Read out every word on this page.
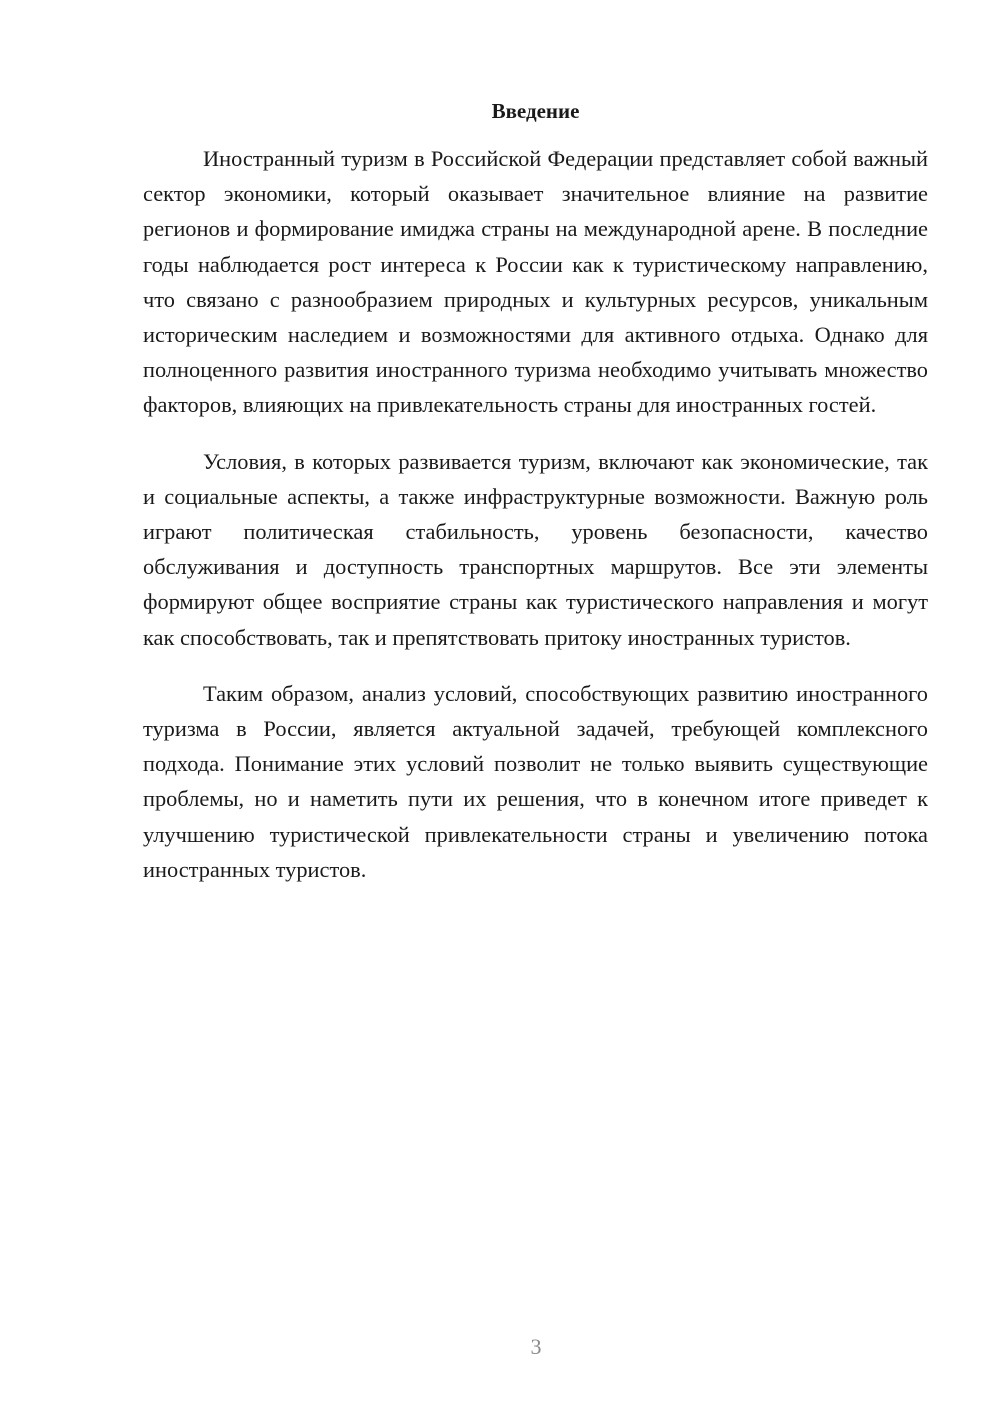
Введение

Иностранный туризм в Российской Федерации представляет собой важный сектор экономики, который оказывает значительное влияние на развитие регионов и формирование имиджа страны на международной арене. В последние годы наблюдается рост интереса к России как к туристическому направлению, что связано с разнообразием природных и культурных ресурсов, уникальным историческим наследием и возможностями для активного отдыха. Однако для полноценного развития иностранного туризма необходимо учитывать множество факторов, влияющих на привлекательность страны для иностранных гостей.

Условия, в которых развивается туризм, включают как экономические, так и социальные аспекты, а также инфраструктурные возможности. Важную роль играют политическая стабильность, уровень безопасности, качество обслуживания и доступность транспортных маршрутов. Все эти элементы формируют общее восприятие страны как туристического направления и могут как способствовать, так и препятствовать притоку иностранных туристов.

Таким образом, анализ условий, способствующих развитию иностранного туризма в России, является актуальной задачей, требующей комплексного подхода. Понимание этих условий позволит не только выявить существующие проблемы, но и наметить пути их решения, что в конечном итоге приведет к улучшению туристической привлекательности страны и увеличению потока иностранных туристов.

3
